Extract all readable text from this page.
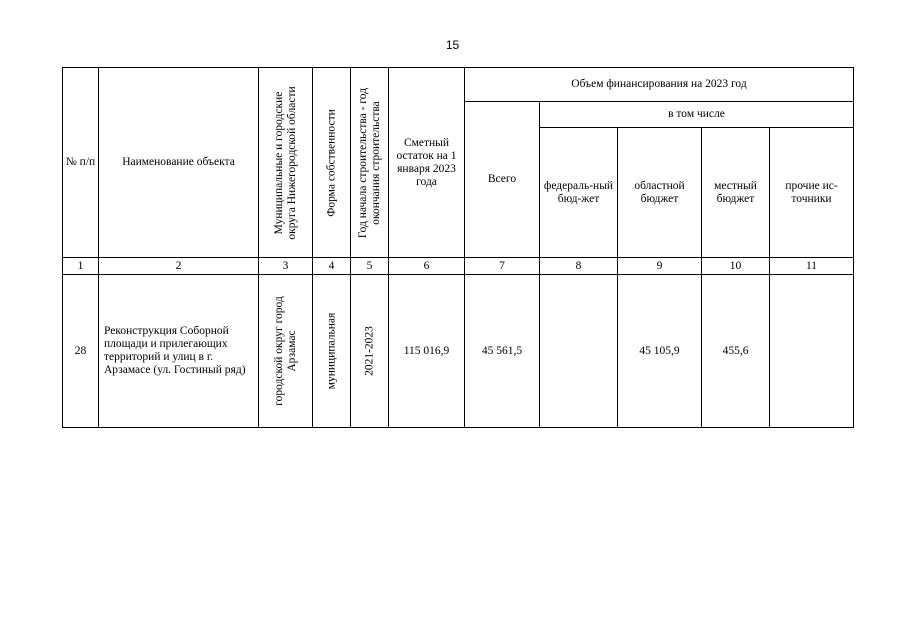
15
№ п/п	Наименование объекта	Муниципальные и городские округа Нижегородской области	Форма собственности	Год начала строительства - год окончания строительства	Сметный остаток на 1 января 2023 года	Объем финансирования на 2023 год				
						Всего	в том числе			
							федераль-ный бюд-жет	областной бюджет	местный бюджет	прочие ис-точники
1	2	3	4	5	6	7	8	9	10	11
28	Реконструкция Соборной площади и прилегающих территорий и улиц в г. Арзамасе (ул. Гостиный ряд)	городской округ город Арзамас	муниципальная	2021-2023	115 016,9	45 561,5		45 105,9	455,6	
